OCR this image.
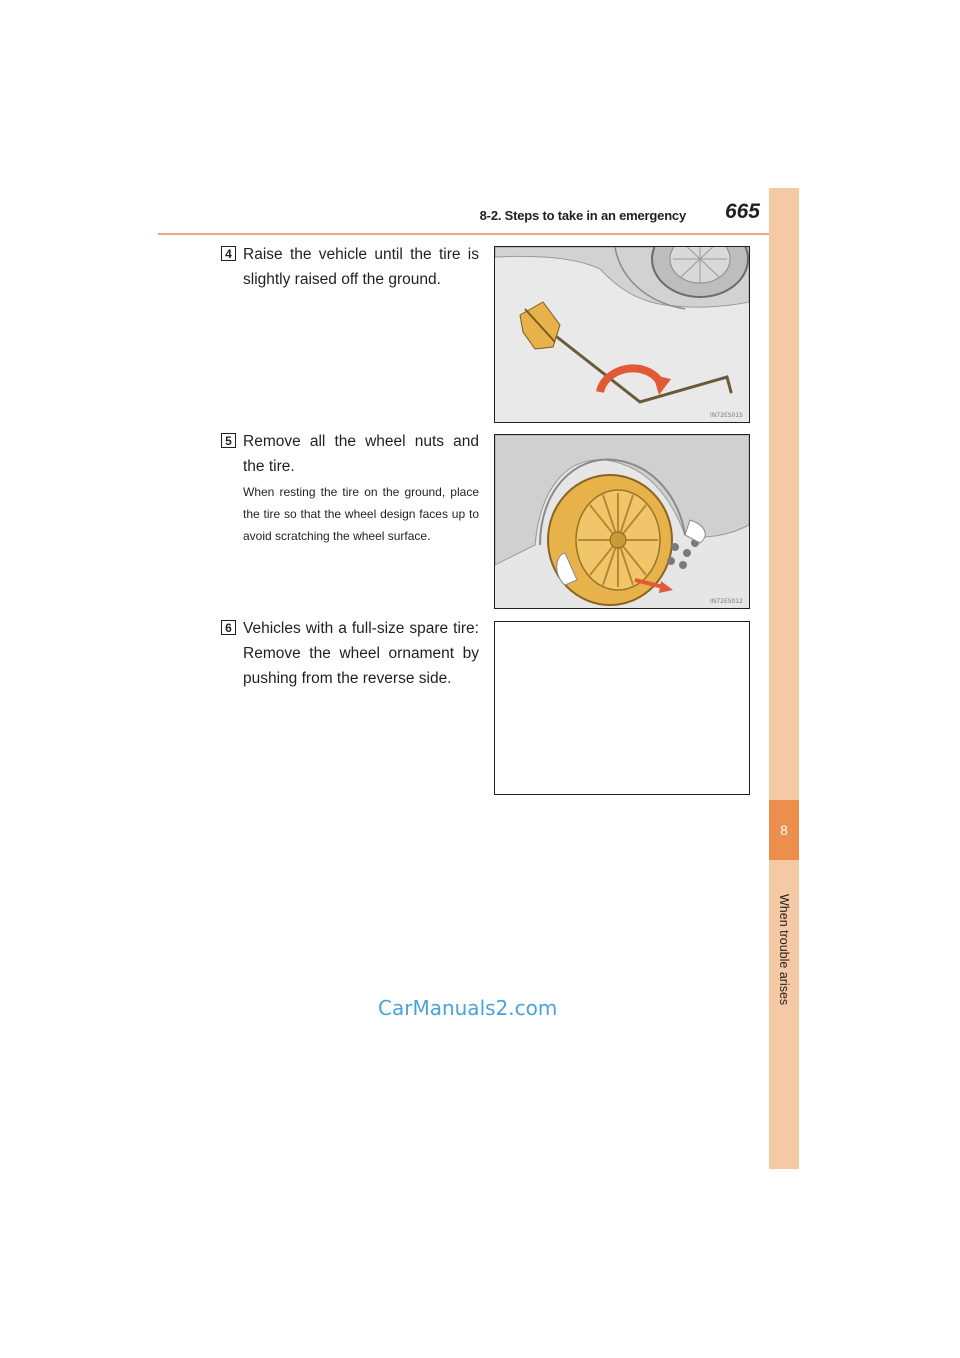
8-2. Steps to take in an emergency	665
8
When trouble arises
4 Raise the vehicle until the tire is slightly raised off the ground.
IN72ES015
5 Remove all the wheel nuts and the tire.
When resting the tire on the ground, place the tire so that the wheel design faces up to avoid scratching the wheel surface.
IN72ES012
6 Vehicles with a full-size spare tire: Remove the wheel ornament by pushing from the reverse side.
CarManuals2.com
